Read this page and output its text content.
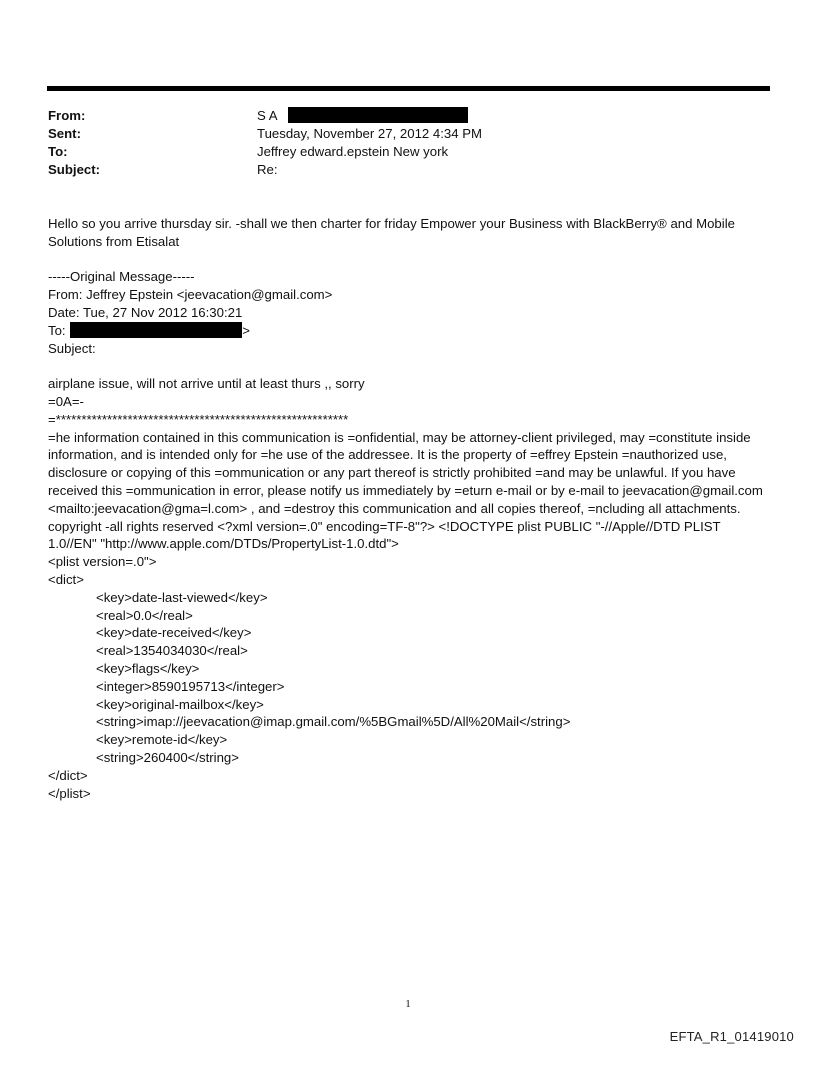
From:	S A
Sent:	Tuesday, November 27, 2012 4:34 PM
To:	Jeffrey edward.epstein New york
Subject:	Re:
Hello so you arrive thursday sir. -shall we then charter for friday Empower your Business with BlackBerry® and Mobile Solutions from Etisalat
-----Original Message-----
From: Jeffrey Epstein <jeevacation@gmail.com>
Date: Tue, 27 Nov 2012 16:30:21
To:	>
Subject:
airplane issue, will not arrive until at least thurs ,, sorry
=0A=-
=*********************************************************
=he information contained in this communication is =onfidential, may be attorney-client privileged, may =constitute inside information, and is intended only for =he use of the addressee. It is the property of =effrey Epstein =nauthorized use, disclosure or copying of this =ommunication or any part thereof is strictly prohibited =and may be unlawful. If you have received this =ommunication in error, please notify us immediately by =eturn e-mail or by e-mail to jeevacation@gmail.com <mailto:jeevacation@gma=l.com> , and =destroy this communication and all copies thereof, =ncluding all attachments. copyright -all rights reserved <?xml version=.0" encoding=TF-8"?> <!DOCTYPE plist PUBLIC "-//Apple//DTD PLIST 1.0//EN" "http://www.apple.com/DTDs/PropertyList-1.0.dtd">
<plist version=.0">
<dict>
<key>date-last-viewed</key>
<real>0.0</real>
<key>date-received</key>
<real>1354034030</real>
<key>flags</key>
<integer>8590195713</integer>
<key>original-mailbox</key>
<string>imap://jeevacation@imap.gmail.com/%5BGmail%5D/All%20Mail</string>
<key>remote-id</key>
<string>260400</string>
</dict>
</plist>
1
EFTA_R1_01419010
